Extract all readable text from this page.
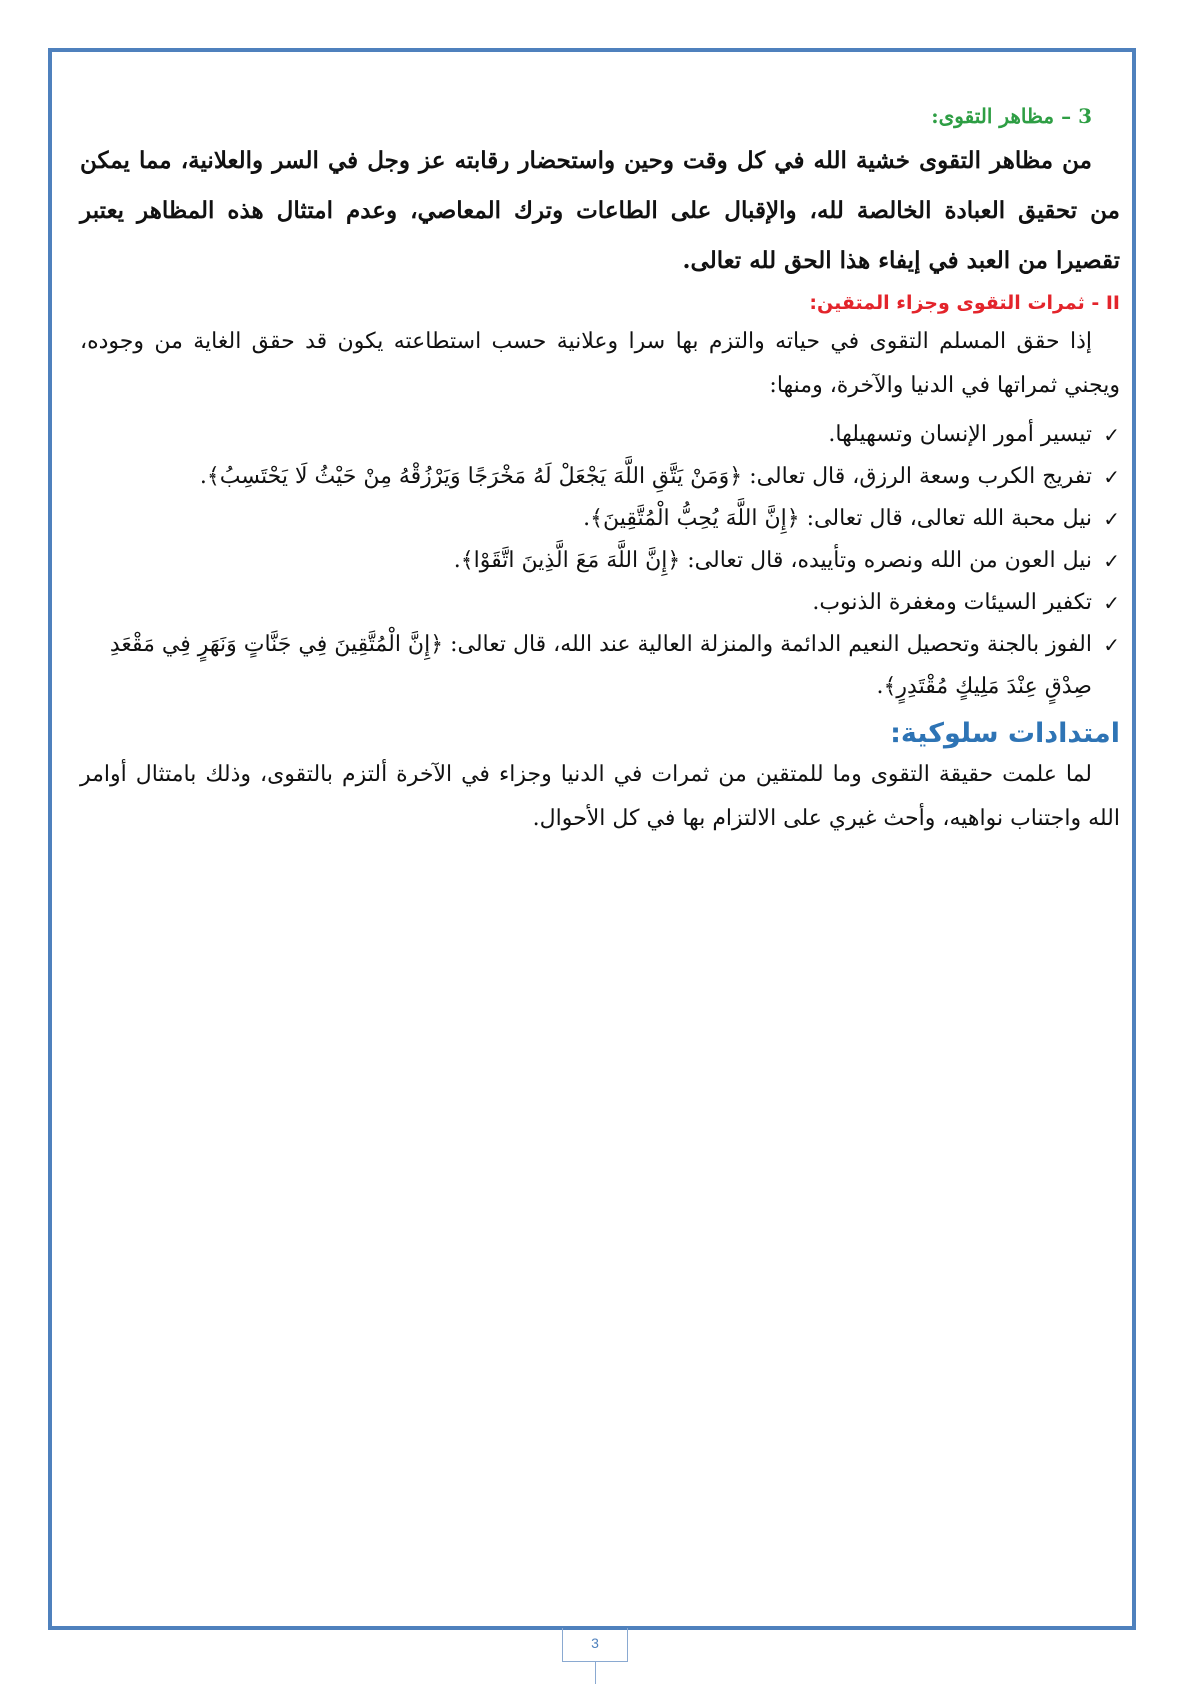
3 – مظاهر التقوى:

من مظاهر التقوى خشية الله في كل وقت وحين واستحضار رقابته عز وجل في السر والعلانية، مما يمكن من تحقيق العبادة الخالصة لله، والإقبال على الطاعات وترك المعاصي، وعدم امتثال هذه المظاهر يعتبر تقصيرا من العبد في إيفاء هذا الحق لله تعالى.

II - ثمرات التقوى وجزاء المتقين:

إذا حقق المسلم التقوى في حياته والتزم بها سرا وعلانية حسب استطاعته يكون قد حقق الغاية من وجوده، ويجني ثمراتها في الدنيا والآخرة، ومنها:

✓
تيسير أمور الإنسان وتسهيلها.
✓
تفريج الكرب وسعة الرزق، قال تعالى: ﴿وَمَنْ يَتَّقِ اللَّهَ يَجْعَلْ لَهُ مَخْرَجًا وَيَرْزُقْهُ مِنْ حَيْثُ لَا يَحْتَسِبُ﴾.
✓
نيل محبة الله تعالى، قال تعالى: ﴿إِنَّ اللَّهَ يُحِبُّ الْمُتَّقِينَ﴾.
✓
نيل العون من الله ونصره وتأييده، قال تعالى: ﴿إِنَّ اللَّهَ مَعَ الَّذِينَ اتَّقَوْا﴾.
✓
تكفير السيئات ومغفرة الذنوب.
✓
الفوز بالجنة وتحصيل النعيم الدائمة والمنزلة العالية عند الله، قال تعالى: ﴿إِنَّ الْمُتَّقِينَ فِي جَنَّاتٍ وَنَهَرٍ فِي مَقْعَدِ صِدْقٍ عِنْدَ مَلِيكٍ مُقْتَدِرٍ﴾.
امتدادات سلوكية:

لما علمت حقيقة التقوى وما للمتقين من ثمرات في الدنيا وجزاء في الآخرة ألتزم بالتقوى، وذلك بامتثال أوامر الله واجتناب نواهيه، وأحث غيري على الالتزام بها في كل الأحوال.

3
